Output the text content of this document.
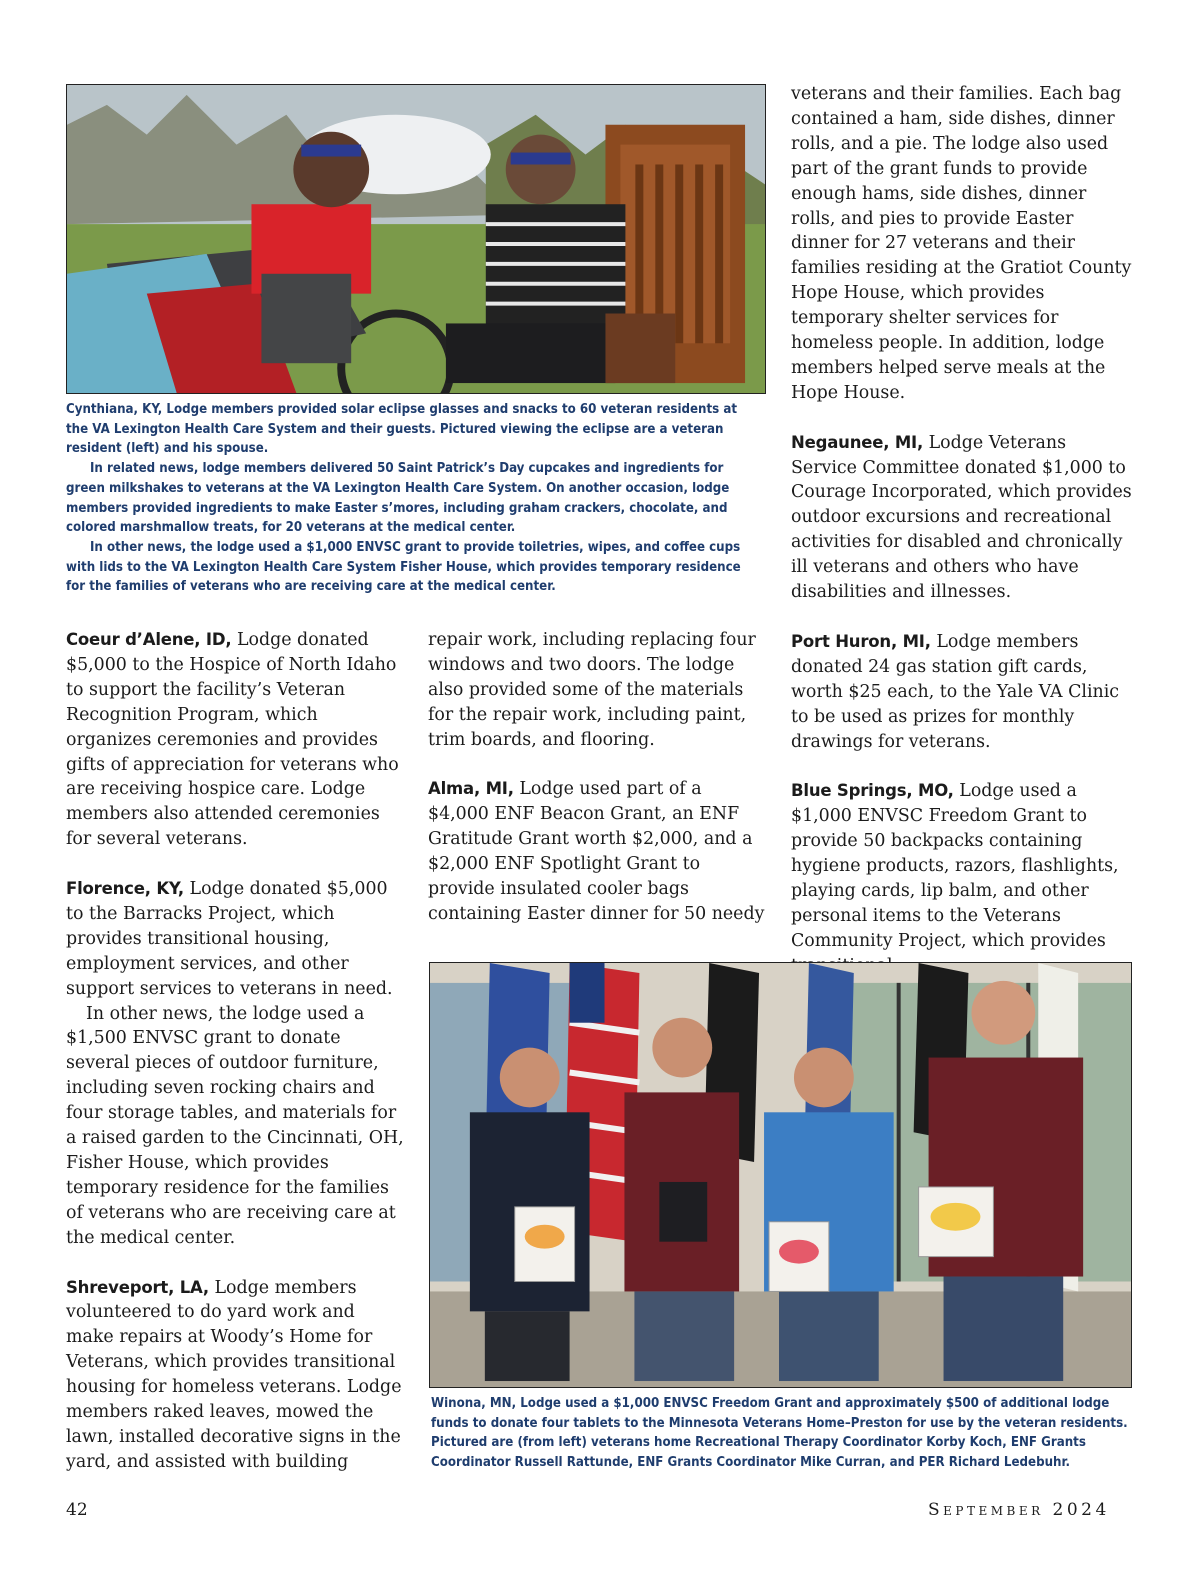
Cynthiana, KY, Lodge members provided solar eclipse glasses and snacks to 60 veteran residents at the VA Lexington Health Care System and their guests. Pictured viewing the eclipse are a veteran resident (left) and his spouse.

In related news, lodge members delivered 50 Saint Patrick’s Day cupcakes and ingredients for green milkshakes to veterans at the VA Lexington Health Care System. On another occasion, lodge members provided ingredients to make Easter s’mores, including graham crackers, chocolate, and colored marshmallow treats, for 20 veterans at the medical center.

In other news, the lodge used a $1,000 ENVSC grant to provide toiletries, wipes, and coffee cups with lids to the VA Lexington Health Care System Fisher House, which provides temporary residence for the families of veterans who are receiving care at the medical center.

Coeur d’Alene, ID, Lodge donated $5,000 to the Hospice of North Idaho to support the facility’s Veteran Recognition Program, which organizes ceremonies and provides gifts of appreciation for veterans who are receiving hospice care. Lodge members also attended ceremonies for several veterans.

Florence, KY, Lodge donated $5,000 to the Barracks Project, which provides transitional housing, employment services, and other support services to veterans in need.

In other news, the lodge used a $1,500 ENVSC grant to donate several pieces of outdoor furniture, including seven rocking chairs and four storage tables, and materials for a raised garden to the Cincinnati, OH, Fisher House, which provides temporary residence for the families of veterans who are receiving care at the medical center.

Shreveport, LA, Lodge members volunteered to do yard work and make repairs at Woody’s Home for Veterans, which provides transitional housing for homeless veterans. Lodge members raked leaves, mowed the lawn, installed decorative signs in the yard, and assisted with building

repair work, including replacing four windows and two doors. The lodge also provided some of the materials for the repair work, including paint, trim boards, and flooring.

Alma, MI, Lodge used part of a $4,000 ENF Beacon Grant, an ENF Gratitude Grant worth $2,000, and a $2,000 ENF Spotlight Grant to provide insulated cooler bags containing Easter dinner for 50 needy

veterans and their families. Each bag contained a ham, side dishes, dinner rolls, and a pie. The lodge also used part of the grant funds to provide enough hams, side dishes, dinner rolls, and pies to provide Easter dinner for 27 veterans and their families residing at the Gratiot County Hope House, which provides temporary shelter services for homeless people. In addition, lodge members helped serve meals at the Hope House.

Negaunee, MI, Lodge Veterans Service Committee donated $1,000 to Courage Incorporated, which provides outdoor excursions and recreational activities for disabled and chronically ill veterans and others who have disabilities and illnesses.

Port Huron, MI, Lodge members donated 24 gas station gift cards, worth $25 each, to the Yale VA Clinic to be used as prizes for monthly drawings for veterans.

Blue Springs, MO, Lodge used a $1,000 ENVSC Freedom Grant to provide 50 backpacks containing hygiene products, razors, flashlights, playing cards, lip balm, and other personal items to the Veterans Community Project, which provides

Winona, MN, Lodge used a $1,000 ENVSC Freedom Grant and approximately $500 of additional lodge funds to donate four tablets to the Minnesota Veterans Home–Preston for use by the veteran residents. Pictured are (from left) veterans home Recreational Therapy Coordinator Korby Koch, ENF Grants Coordinator Russell Rattunde, ENF Grants Coordinator Mike Curran, and PER Richard Ledebuhr.

42	September 2024
